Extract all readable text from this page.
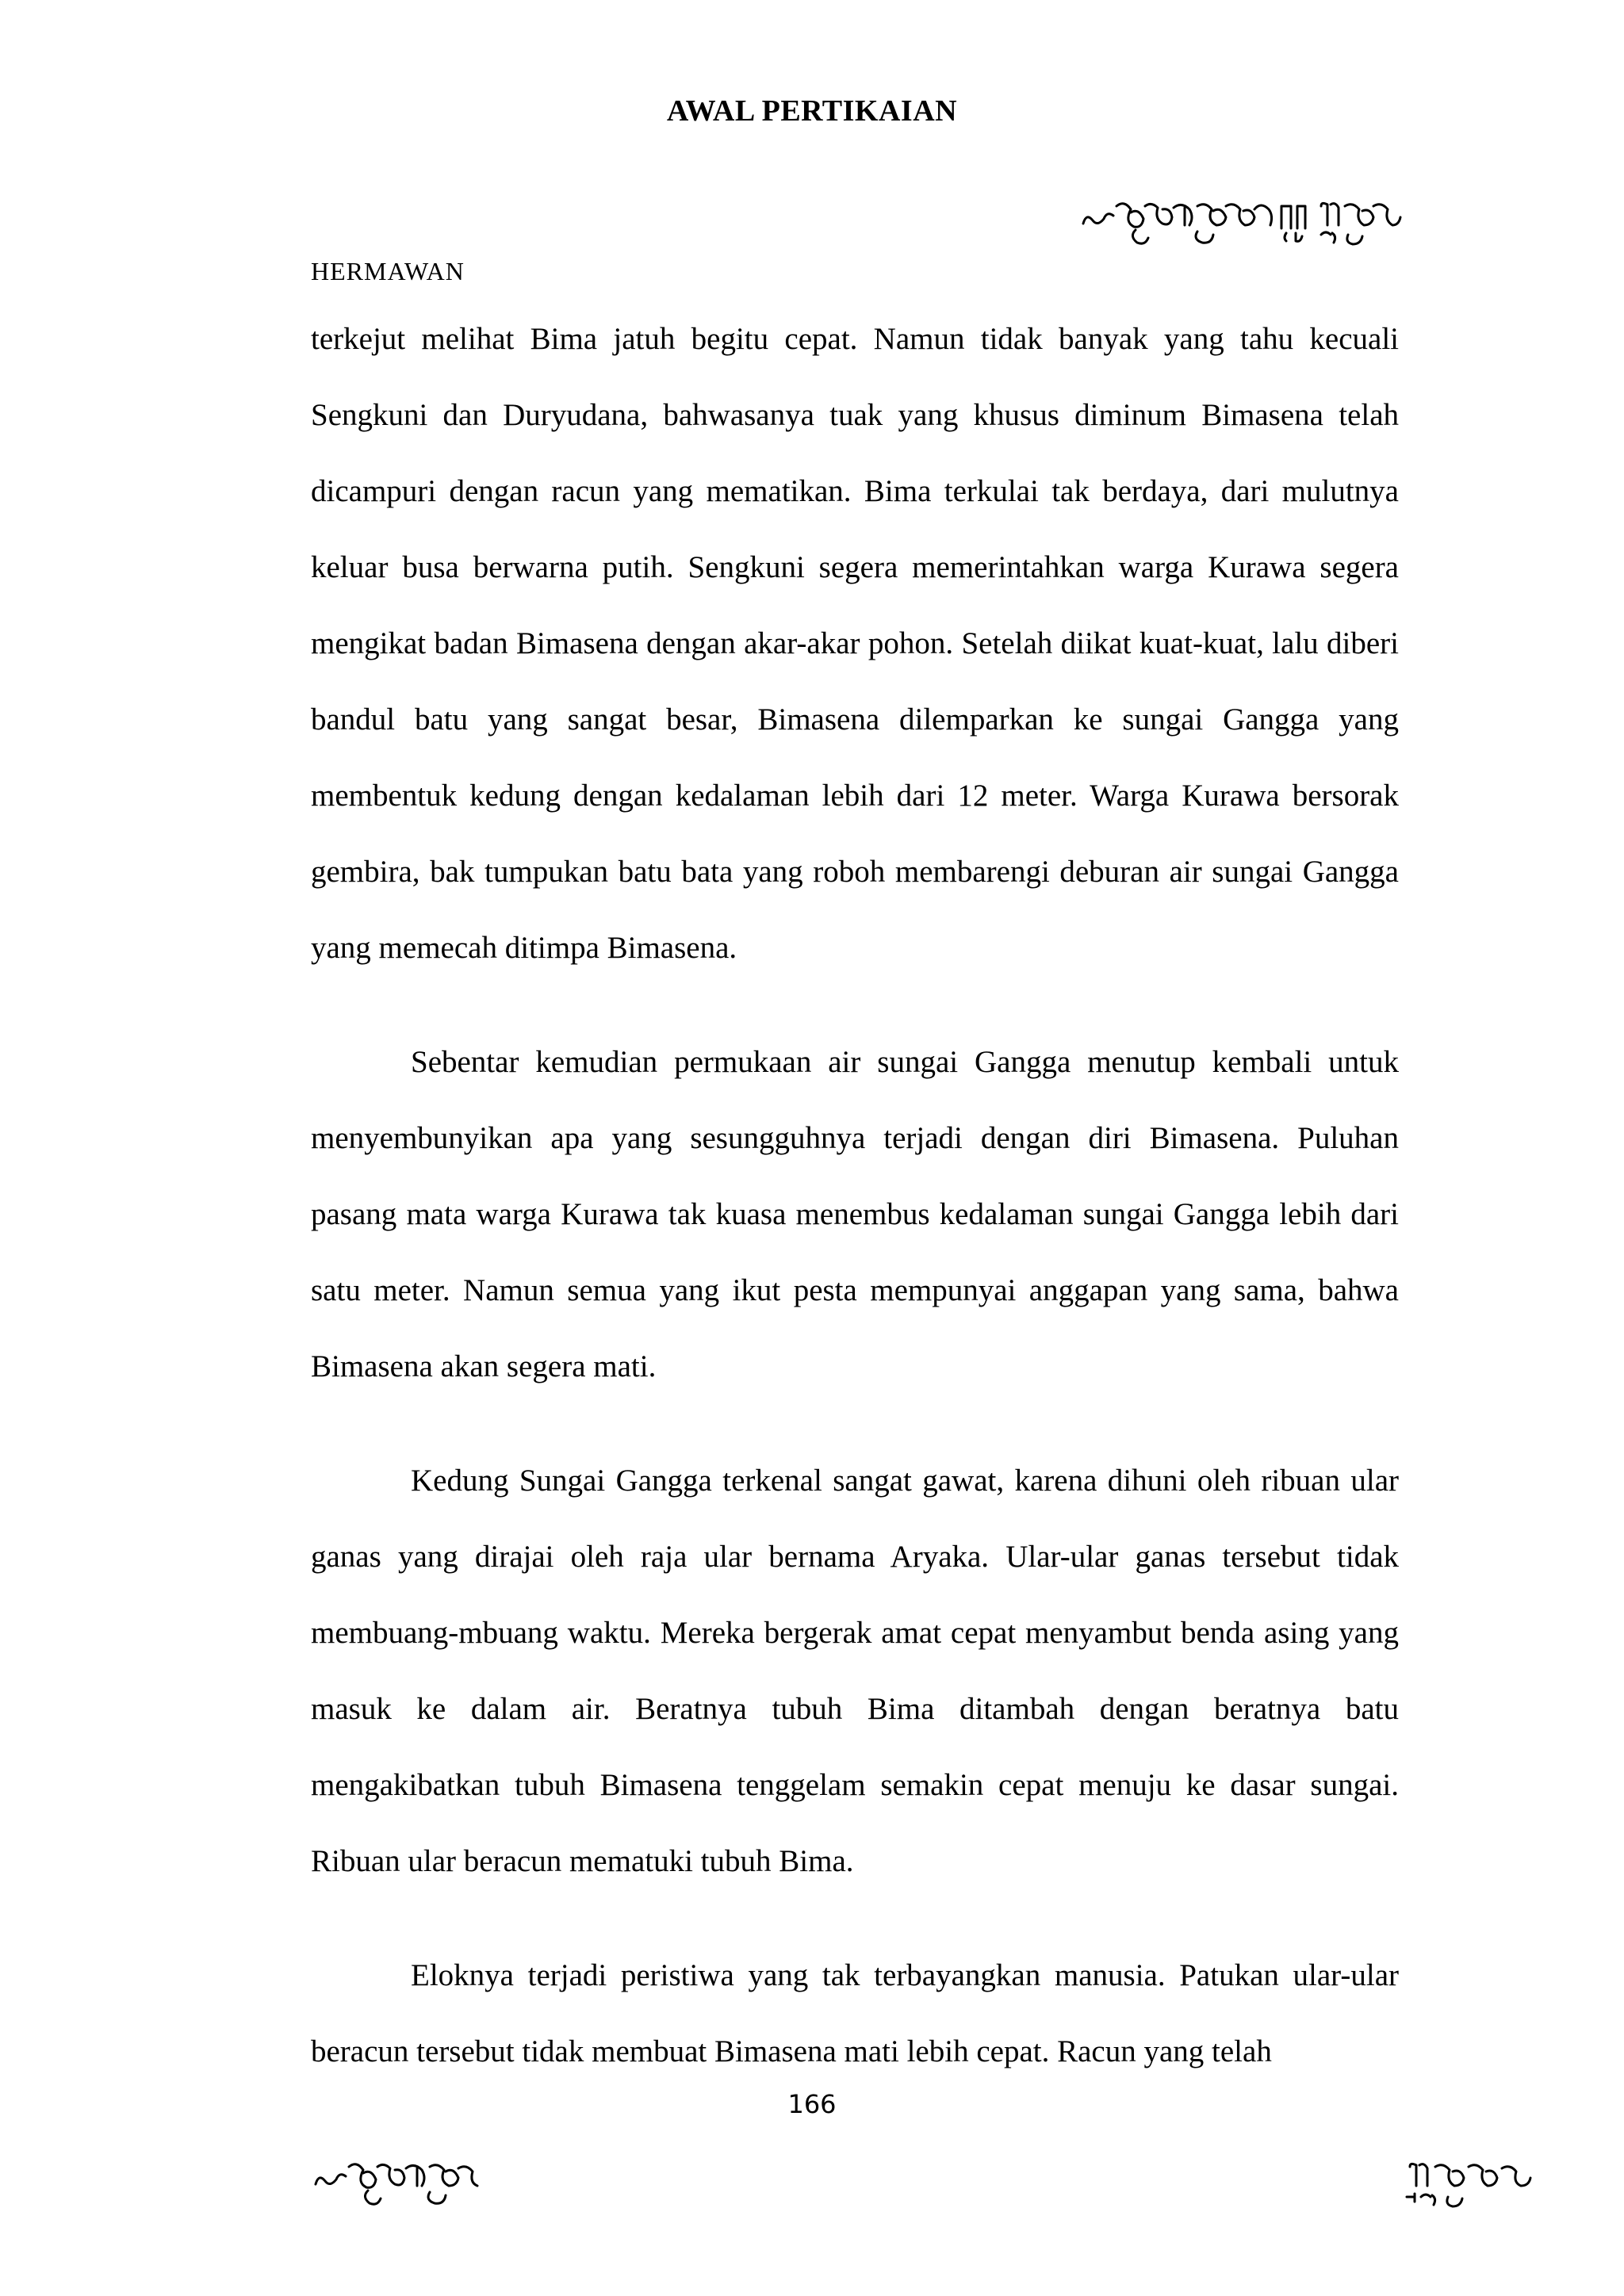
AWAL PERTIKAIAN
HERMAWAN

terkejut melihat Bima jatuh begitu cepat. Namun tidak banyak yang tahu kecuali Sengkuni dan Duryudana, bahwasanya tuak yang khusus diminum Bimasena telah dicampuri dengan racun yang mematikan. Bima terkulai tak berdaya, dari mulutnya keluar busa berwarna putih. Sengkuni segera memerintahkan warga Kurawa segera mengikat badan Bimasena dengan akar-akar pohon. Setelah diikat kuat-kuat, lalu diberi bandul batu yang sangat besar, Bimasena dilemparkan ke sungai Gangga yang membentuk kedung dengan kedalaman lebih dari 12 meter. Warga Kurawa bersorak gembira, bak tumpukan batu bata yang roboh membarengi deburan air sungai Gangga yang memecah ditimpa Bimasena.

Sebentar kemudian permukaan air sungai Gangga menutup kembali untuk menyembunyikan apa yang sesungguhnya terjadi dengan diri Bimasena. Puluhan pasang mata warga Kurawa tak kuasa menembus kedalaman sungai Gangga lebih dari satu meter. Namun semua yang ikut pesta mempunyai anggapan yang sama, bahwa Bimasena akan segera mati.

Kedung Sungai Gangga terkenal sangat gawat, karena dihuni oleh ribuan ular ganas yang dirajai oleh raja ular bernama Aryaka. Ular-ular ganas tersebut tidak membuang-mbuang waktu. Mereka bergerak amat cepat menyambut benda asing yang masuk ke dalam air. Beratnya tubuh Bima ditambah dengan beratnya batu mengakibatkan tubuh Bimasena tenggelam semakin cepat menuju ke dasar sungai. Ribuan ular beracun mematuki tubuh Bima.

Eloknya terjadi peristiwa yang tak terbayangkan manusia. Patukan ular-ular beracun tersebut tidak membuat Bimasena mati lebih cepat. Racun yang telah

166
